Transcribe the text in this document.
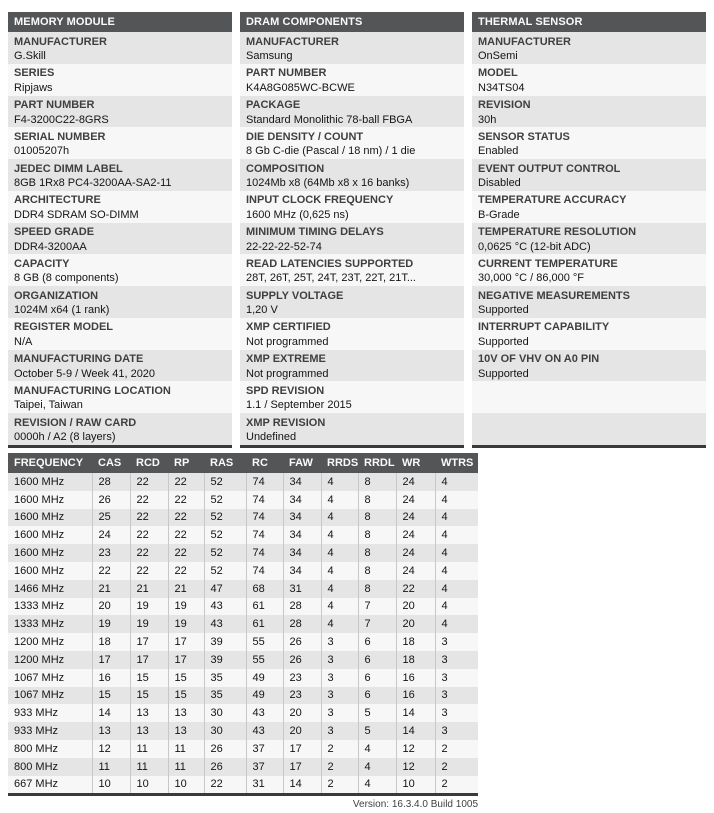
MEMORY MODULE
MANUFACTURER
G.Skill
SERIES
Ripjaws
PART NUMBER
F4-3200C22-8GRS
SERIAL NUMBER
01005207h
JEDEC DIMM LABEL
8GB 1Rx8 PC4-3200AA-SA2-11
ARCHITECTURE
DDR4 SDRAM SO-DIMM
SPEED GRADE
DDR4-3200AA
CAPACITY
8 GB (8 components)
ORGANIZATION
1024M x64 (1 rank)
REGISTER MODEL
N/A
MANUFACTURING DATE
October 5-9 / Week 41, 2020
MANUFACTURING LOCATION
Taipei, Taiwan
REVISION / RAW CARD
0000h / A2 (8 layers)
DRAM COMPONENTS
MANUFACTURER
Samsung
PART NUMBER
K4A8G085WC-BCWE
PACKAGE
Standard Monolithic 78-ball FBGA
DIE DENSITY / COUNT
8 Gb C-die (Pascal / 18 nm) / 1 die
COMPOSITION
1024Mb x8 (64Mb x8 x 16 banks)
INPUT CLOCK FREQUENCY
1600 MHz (0,625 ns)
MINIMUM TIMING DELAYS
22-22-22-52-74
READ LATENCIES SUPPORTED
28T, 26T, 25T, 24T, 23T, 22T, 21T...
SUPPLY VOLTAGE
1,20 V
XMP CERTIFIED
Not programmed
XMP EXTREME
Not programmed
SPD REVISION
1.1 / September 2015
XMP REVISION
Undefined
THERMAL SENSOR
MANUFACTURER
OnSemi
MODEL
N34TS04
REVISION
30h
SENSOR STATUS
Enabled
EVENT OUTPUT CONTROL
Disabled
TEMPERATURE ACCURACY
B-Grade
TEMPERATURE RESOLUTION
0,0625 °C (12-bit ADC)
CURRENT TEMPERATURE
30,000 °C / 86,000 °F
NEGATIVE MEASUREMENTS
Supported
INTERRUPT CAPABILITY
Supported
10V OF VHV ON A0 PIN
Supported
FREQUENCY	CAS	RCD	RP	RAS	RC	FAW	RRDS	RRDL	WR	WTRS
1600 MHz	28	22	22	52	74	34	4	8	24	4
1600 MHz	26	22	22	52	74	34	4	8	24	4
1600 MHz	25	22	22	52	74	34	4	8	24	4
1600 MHz	24	22	22	52	74	34	4	8	24	4
1600 MHz	23	22	22	52	74	34	4	8	24	4
1600 MHz	22	22	22	52	74	34	4	8	24	4
1466 MHz	21	21	21	47	68	31	4	8	22	4
1333 MHz	20	19	19	43	61	28	4	7	20	4
1333 MHz	19	19	19	43	61	28	4	7	20	4
1200 MHz	18	17	17	39	55	26	3	6	18	3
1200 MHz	17	17	17	39	55	26	3	6	18	3
1067 MHz	16	15	15	35	49	23	3	6	16	3
1067 MHz	15	15	15	35	49	23	3	6	16	3
933 MHz	14	13	13	30	43	20	3	5	14	3
933 MHz	13	13	13	30	43	20	3	5	14	3
800 MHz	12	11	11	26	37	17	2	4	12	2
800 MHz	11	11	11	26	37	17	2	4	12	2
667 MHz	10	10	10	22	31	14	2	4	10	2
Version: 16.3.4.0 Build 1005
